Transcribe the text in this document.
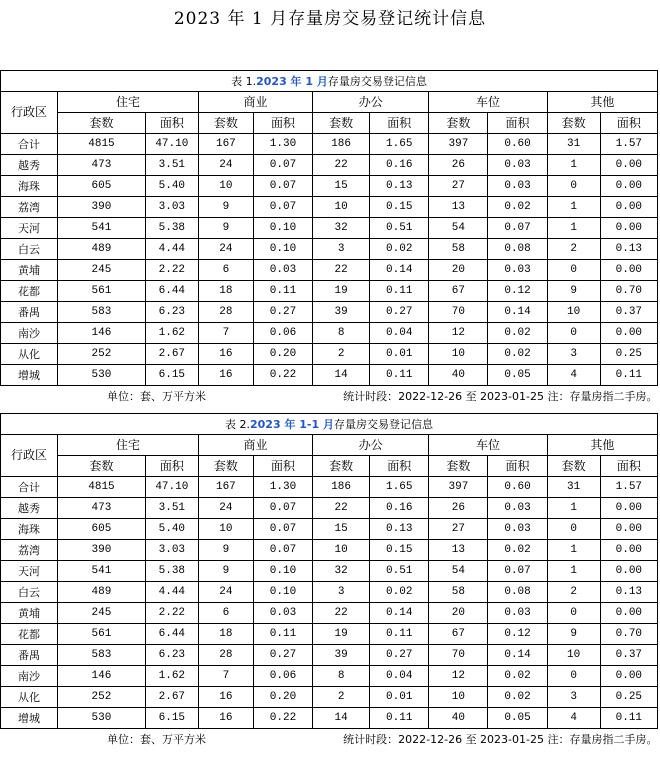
2023 年 1 月存量房交易登记统计信息
表 1.2023 年 1 月存量房交易登记信息										
行政区	住宅		商业		办公		车位		其他	
	套数	面积	套数	面积	套数	面积	套数	面积	套数	面积
合计	4815	47.10	167	1.30	186	1.65	397	0.60	31	1.57
越秀	473	3.51	24	0.07	22	0.16	26	0.03	1	0.00
海珠	605	5.40	10	0.07	15	0.13	27	0.03	0	0.00
荔湾	390	3.03	9	0.07	10	0.15	13	0.02	1	0.00
天河	541	5.38	9	0.10	32	0.51	54	0.07	1	0.00
白云	489	4.44	24	0.10	3	0.02	58	0.08	2	0.13
黄埔	245	2.22	6	0.03	22	0.14	20	0.03	0	0.00
花都	561	6.44	18	0.11	19	0.11	67	0.12	9	0.70
番禺	583	6.23	28	0.27	39	0.27	70	0.14	10	0.37
南沙	146	1.62	7	0.06	8	0.04	12	0.02	0	0.00
从化	252	2.67	16	0.20	2	0.01	10	0.02	3	0.25
增城	530	6.15	16	0.22	14	0.11	40	0.05	4	0.11
单位：套、万平方米					统计时段：2022-12-26 至 2023-01-25 注：存量房指二手房。					
表 2.2023 年 1-1 月存量房交易登记信息										
行政区	住宅		商业		办公		车位		其他	
	套数	面积	套数	面积	套数	面积	套数	面积	套数	面积
合计	4815	47.10	167	1.30	186	1.65	397	0.60	31	1.57
越秀	473	3.51	24	0.07	22	0.16	26	0.03	1	0.00
海珠	605	5.40	10	0.07	15	0.13	27	0.03	0	0.00
荔湾	390	3.03	9	0.07	10	0.15	13	0.02	1	0.00
天河	541	5.38	9	0.10	32	0.51	54	0.07	1	0.00
白云	489	4.44	24	0.10	3	0.02	58	0.08	2	0.13
黄埔	245	2.22	6	0.03	22	0.14	20	0.03	0	0.00
花都	561	6.44	18	0.11	19	0.11	67	0.12	9	0.70
番禺	583	6.23	28	0.27	39	0.27	70	0.14	10	0.37
南沙	146	1.62	7	0.06	8	0.04	12	0.02	0	0.00
从化	252	2.67	16	0.20	2	0.01	10	0.02	3	0.25
增城	530	6.15	16	0.22	14	0.11	40	0.05	4	0.11
单位：套、万平方米					统计时段：2022-12-26 至 2023-01-25 注：存量房指二手房。					
